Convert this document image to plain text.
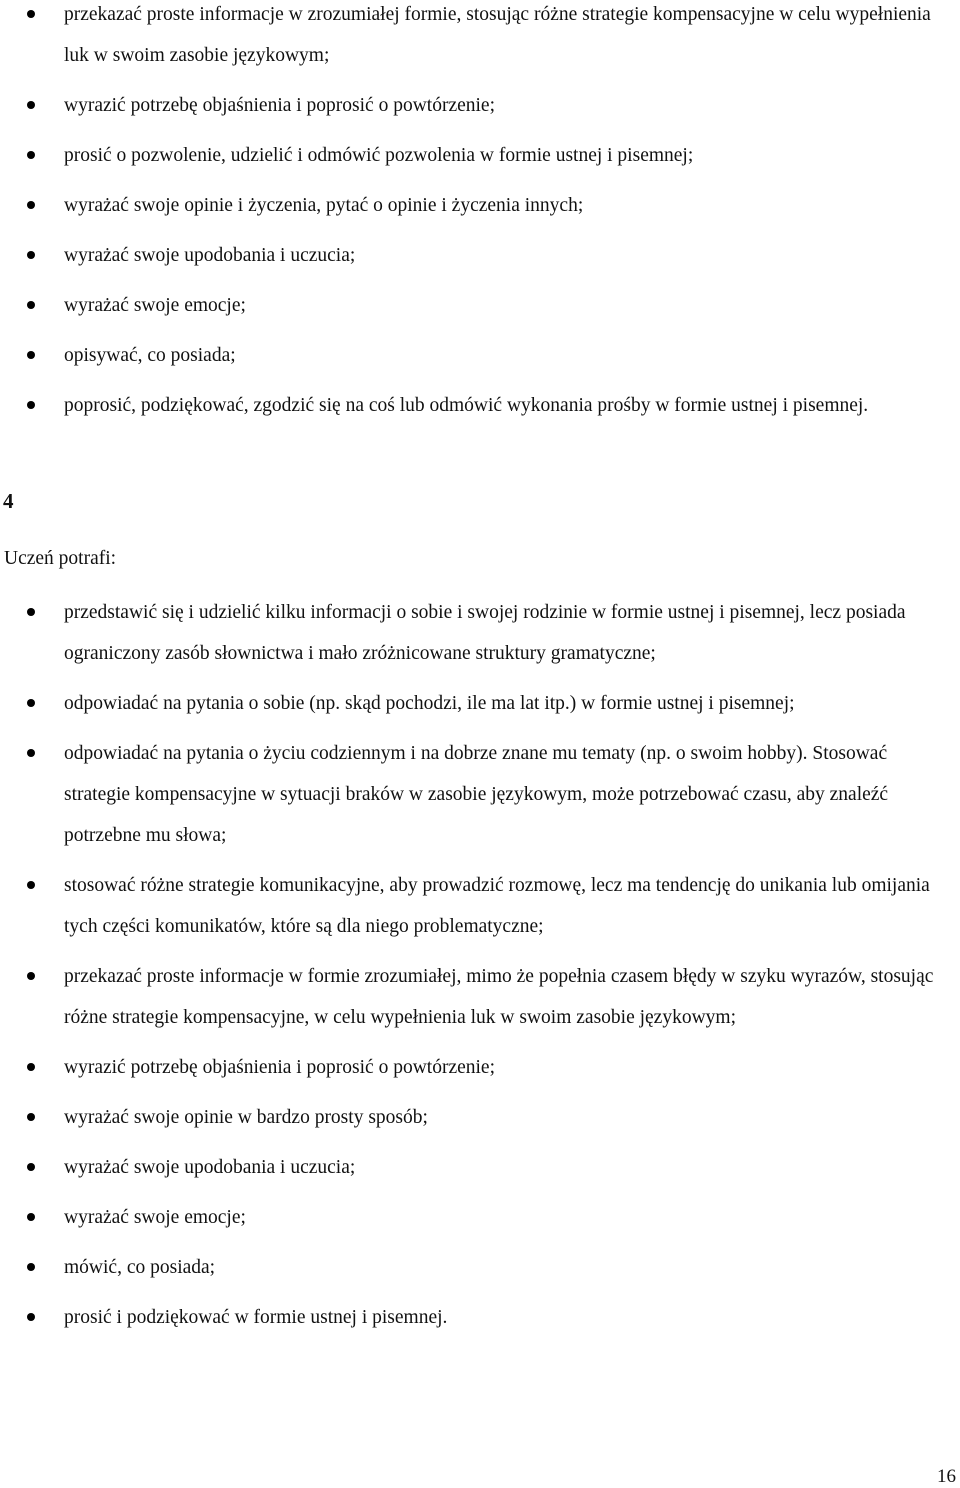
przekazać proste informacje w zrozumiałej formie, stosując różne strategie kompensacyjne w celu wypełnienia luk w swoim zasobie językowym;
wyrazić potrzebę objaśnienia i poprosić o powtórzenie;
prosić o pozwolenie, udzielić i odmówić pozwolenia w formie ustnej i pisemnej;
wyrażać swoje opinie i życzenia, pytać o opinie i życzenia innych;
wyrażać swoje upodobania i uczucia;
wyrażać swoje emocje;
opisywać, co posiada;
poprosić, podziękować, zgodzić się na coś lub odmówić wykonania prośby w formie ustnej i pisemnej.
4
Uczeń potrafi:
przedstawić się i udzielić kilku informacji o sobie i swojej rodzinie w formie ustnej i pisemnej, lecz posiada ograniczony zasób słownictwa i mało zróżnicowane struktury gramatyczne;
odpowiadać na pytania o sobie (np. skąd pochodzi, ile ma lat itp.) w formie ustnej i pisemnej;
odpowiadać na pytania o życiu codziennym i na dobrze znane mu tematy (np. o swoim hobby). Stosować strategie kompensacyjne w sytuacji braków w zasobie językowym, może potrzebować czasu, aby znaleźć potrzebne mu słowa;
stosować różne strategie komunikacyjne, aby prowadzić rozmowę, lecz ma tendencję do unikania lub omijania tych części komunikatów, które są dla niego problematyczne;
przekazać proste informacje w formie zrozumiałej, mimo że popełnia czasem błędy w szyku wyrazów, stosując różne strategie kompensacyjne, w celu wypełnienia luk w swoim zasobie językowym;
wyrazić potrzebę objaśnienia i poprosić o powtórzenie;
wyrażać swoje opinie w bardzo prosty sposób;
wyrażać swoje upodobania i uczucia;
wyrażać swoje emocje;
mówić, co posiada;
prosić i podziękować w formie ustnej i pisemnej.
16
